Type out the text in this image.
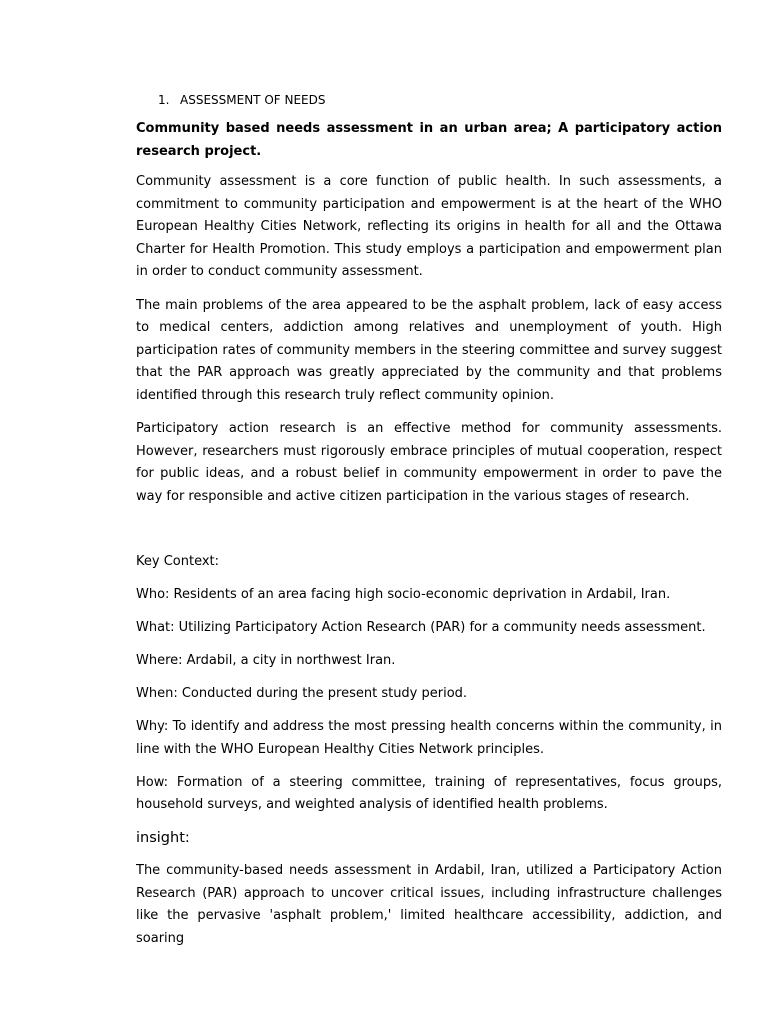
1. ASSESSMENT OF NEEDS

Community based needs assessment in an urban area; A participatory action research project.

Community assessment is a core function of public health. In such assessments, a commitment to community participation and empowerment is at the heart of the WHO European Healthy Cities Network, reflecting its origins in health for all and the Ottawa Charter for Health Promotion. This study employs a participation and empowerment plan in order to conduct community assessment.

The main problems of the area appeared to be the asphalt problem, lack of easy access to medical centers, addiction among relatives and unemployment of youth. High participation rates of community members in the steering committee and survey suggest that the PAR approach was greatly appreciated by the community and that problems identified through this research truly reflect community opinion.

Participatory action research is an effective method for community assessments. However, researchers must rigorously embrace principles of mutual cooperation, respect for public ideas, and a robust belief in community empowerment in order to pave the way for responsible and active citizen participation in the various stages of research.

Key Context:

Who: Residents of an area facing high socio-economic deprivation in Ardabil, Iran.

What: Utilizing Participatory Action Research (PAR) for a community needs assessment.

Where: Ardabil, a city in northwest Iran.

When: Conducted during the present study period.

Why: To identify and address the most pressing health concerns within the community, in line with the WHO European Healthy Cities Network principles.

How: Formation of a steering committee, training of representatives, focus groups, household surveys, and weighted analysis of identified health problems.

insight:

The community-based needs assessment in Ardabil, Iran, utilized a Participatory Action Research (PAR) approach to uncover critical issues, including infrastructure challenges like the pervasive 'asphalt problem,' limited healthcare accessibility, addiction, and soaring
